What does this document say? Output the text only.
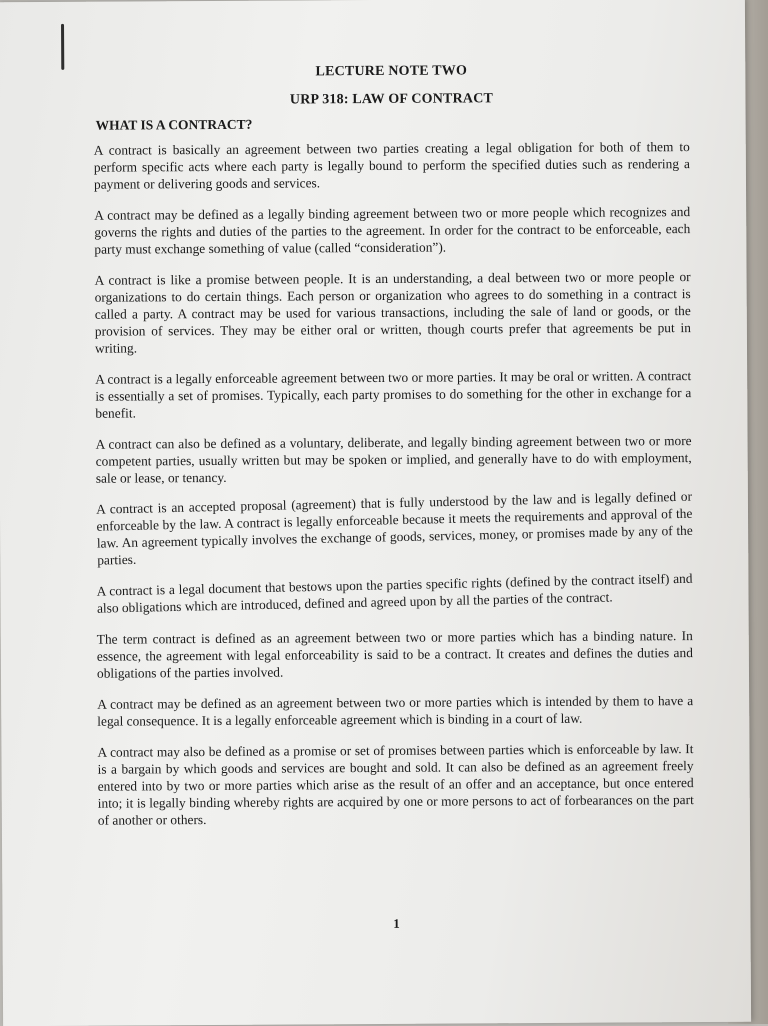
LECTURE NOTE TWO

URP 318: LAW OF CONTRACT

WHAT IS A CONTRACT?

A contract is basically an agreement between two parties creating a legal obligation for both of them to perform specific acts where each party is legally bound to perform the specified duties such as rendering a payment or delivering goods and services.

A contract may be defined as a legally binding agreement between two or more people which recognizes and governs the rights and duties of the parties to the agreement. In order for the contract to be enforceable, each party must exchange something of value (called “consideration”).

A contract is like a promise between people. It is an understanding, a deal between two or more people or organizations to do certain things. Each person or organization who agrees to do something in a contract is called a party. A contract may be used for various transactions, including the sale of land or goods, or the provision of services. They may be either oral or written, though courts prefer that agreements be put in writing.

A contract is a legally enforceable agreement between two or more parties. It may be oral or written. A contract is essentially a set of promises. Typically, each party promises to do something for the other in exchange for a benefit.

A contract can also be defined as a voluntary, deliberate, and legally binding agreement between two or more competent parties, usually written but may be spoken or implied, and generally have to do with employment, sale or lease, or tenancy.

A contract is an accepted proposal (agreement) that is fully understood by the law and is legally defined or enforceable by the law. A contract is legally enforceable because it meets the requirements and approval of the law. An agreement typically involves the exchange of goods, services, money, or promises made by any of the parties.

A contract is a legal document that bestows upon the parties specific rights (defined by the contract itself) and also obligations which are introduced, defined and agreed upon by all the parties of the contract.

The term contract is defined as an agreement between two or more parties which has a binding nature. In essence, the agreement with legal enforceability is said to be a contract. It creates and defines the duties and obligations of the parties involved.

A contract may be defined as an agreement between two or more parties which is intended by them to have a legal consequence. It is a legally enforceable agreement which is binding in a court of law.

A contract may also be defined as a promise or set of promises between parties which is enforceable by law. It is a bargain by which goods and services are bought and sold. It can also be defined as an agreement freely entered into by two or more parties which arise as the result of an offer and an acceptance, but once entered into; it is legally binding whereby rights are acquired by one or more persons to act of forbearances on the part of another or others.

1
